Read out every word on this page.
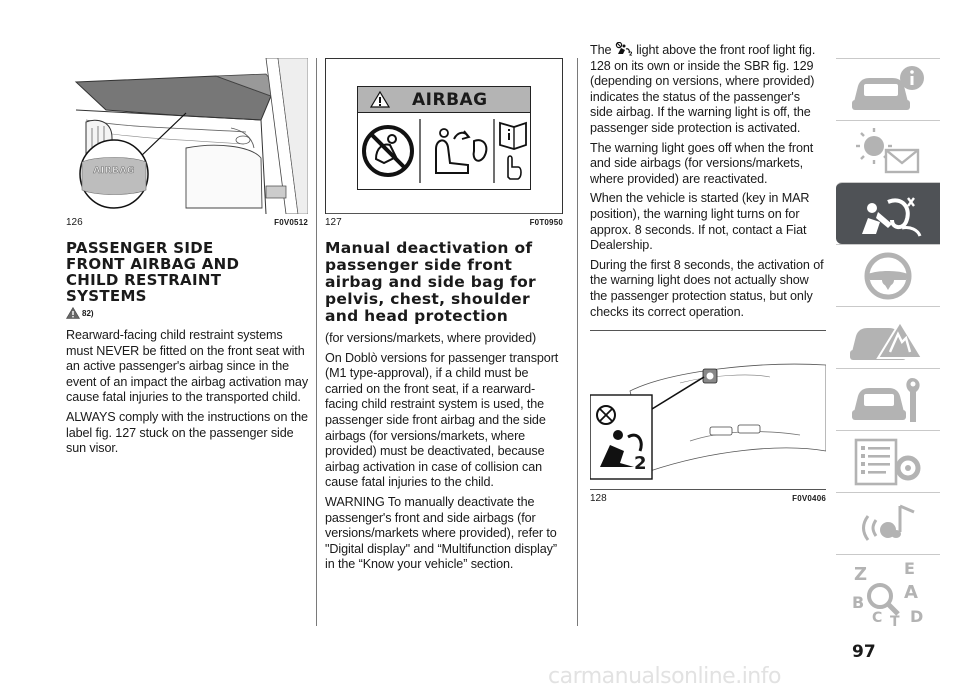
AIRBAG
126	F0V0512
PASSENGER SIDE FRONT AIRBAG AND CHILD RESTRAINT SYSTEMS
82)

Rearward-facing child restraint systems must NEVER be fitted on the front seat with an active passenger's airbag since in the event of an impact the airbag activation may cause fatal injuries to the transported child.

ALWAYS comply with the instructions on the label fig. 127 stuck on the passenger side sun visor.

AIRBAG
127	F0T0950
Manual deactivation of passenger side front airbag and side bag for pelvis, chest, shoulder and head protection

(for versions/markets, where provided)

On Doblò versions for passenger transport (M1 type-approval), if a child must be carried on the front seat, if a rearward-facing child restraint system is used, the passenger side front airbag and the side airbags (for versions/markets, where provided) must be deactivated, because airbag activation in case of collision can cause fatal injuries to the child.

WARNING To manually deactivate the passenger's front and side airbags (for versions/markets where provided), refer to "Digital display" and “Multifunction display” in the “Know your vehicle” section.

The	2 light above the front roof light fig. 128 on its own or inside the SBR fig. 129 (depending on versions, where provided) indicates the status of the passenger's side airbag. If the warning light is off, the passenger side protection is activated.

The warning light goes off when the front and side airbags (for versions/markets, where provided) are reactivated.

When the vehicle is started (key in MAR position), the warning light turns on for approx. 8 seconds. If not, contact a Fiat Dealership.

During the first 8 seconds, the activation of the warning light does not actually show the passenger protection status, but only checks its correct operation.

2
128	F0V0406
Z E
A
B
C T D
97
carmanualsonline.info
